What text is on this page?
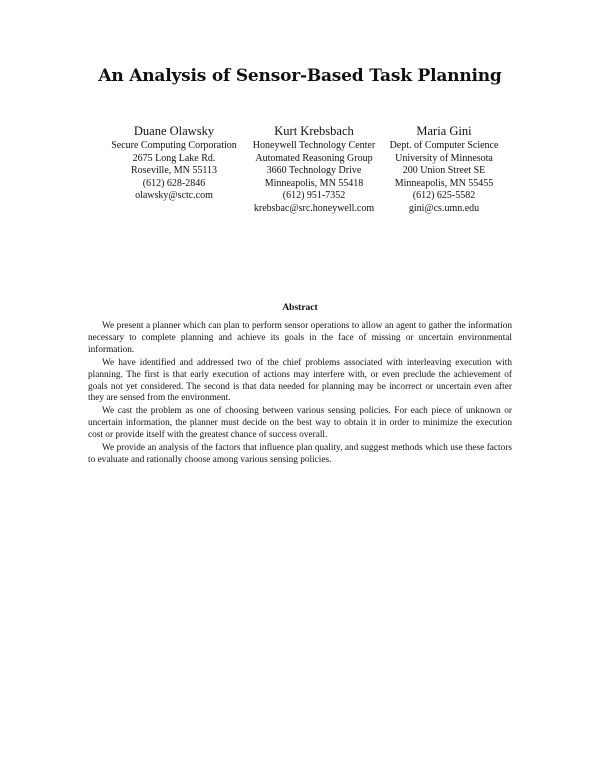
An Analysis of Sensor-Based Task Planning
Duane Olawsky
Secure Computing Corporation
2675 Long Lake Rd.
Roseville, MN 55113
(612) 628-2846
olawsky@sctc.com
Kurt Krebsbach
Honeywell Technology Center
Automated Reasoning Group
3660 Technology Drive
Minneapolis, MN 55418
(612) 951-7352
krebsbac@src.honeywell.com
Maria Gini
Dept. of Computer Science
University of Minnesota
200 Union Street SE
Minneapolis, MN 55455
(612) 625-5582
gini@cs.umn.edu
Abstract

We present a planner which can plan to perform sensor operations to allow an agent to gather the information necessary to complete planning and achieve its goals in the face of missing or uncertain environmental information.

We have identified and addressed two of the chief problems associated with interleaving execution with planning. The first is that early execution of actions may interfere with, or even preclude the achievement of goals not yet considered. The second is that data needed for planning may be incorrect or uncertain even after they are sensed from the environment.

We cast the problem as one of choosing between various sensing policies. For each piece of unknown or uncertain information, the planner must decide on the best way to obtain it in order to minimize the execution cost or provide itself with the greatest chance of success overall.

We provide an analysis of the factors that influence plan quality, and suggest methods which use these factors to evaluate and rationally choose among various sensing policies.
